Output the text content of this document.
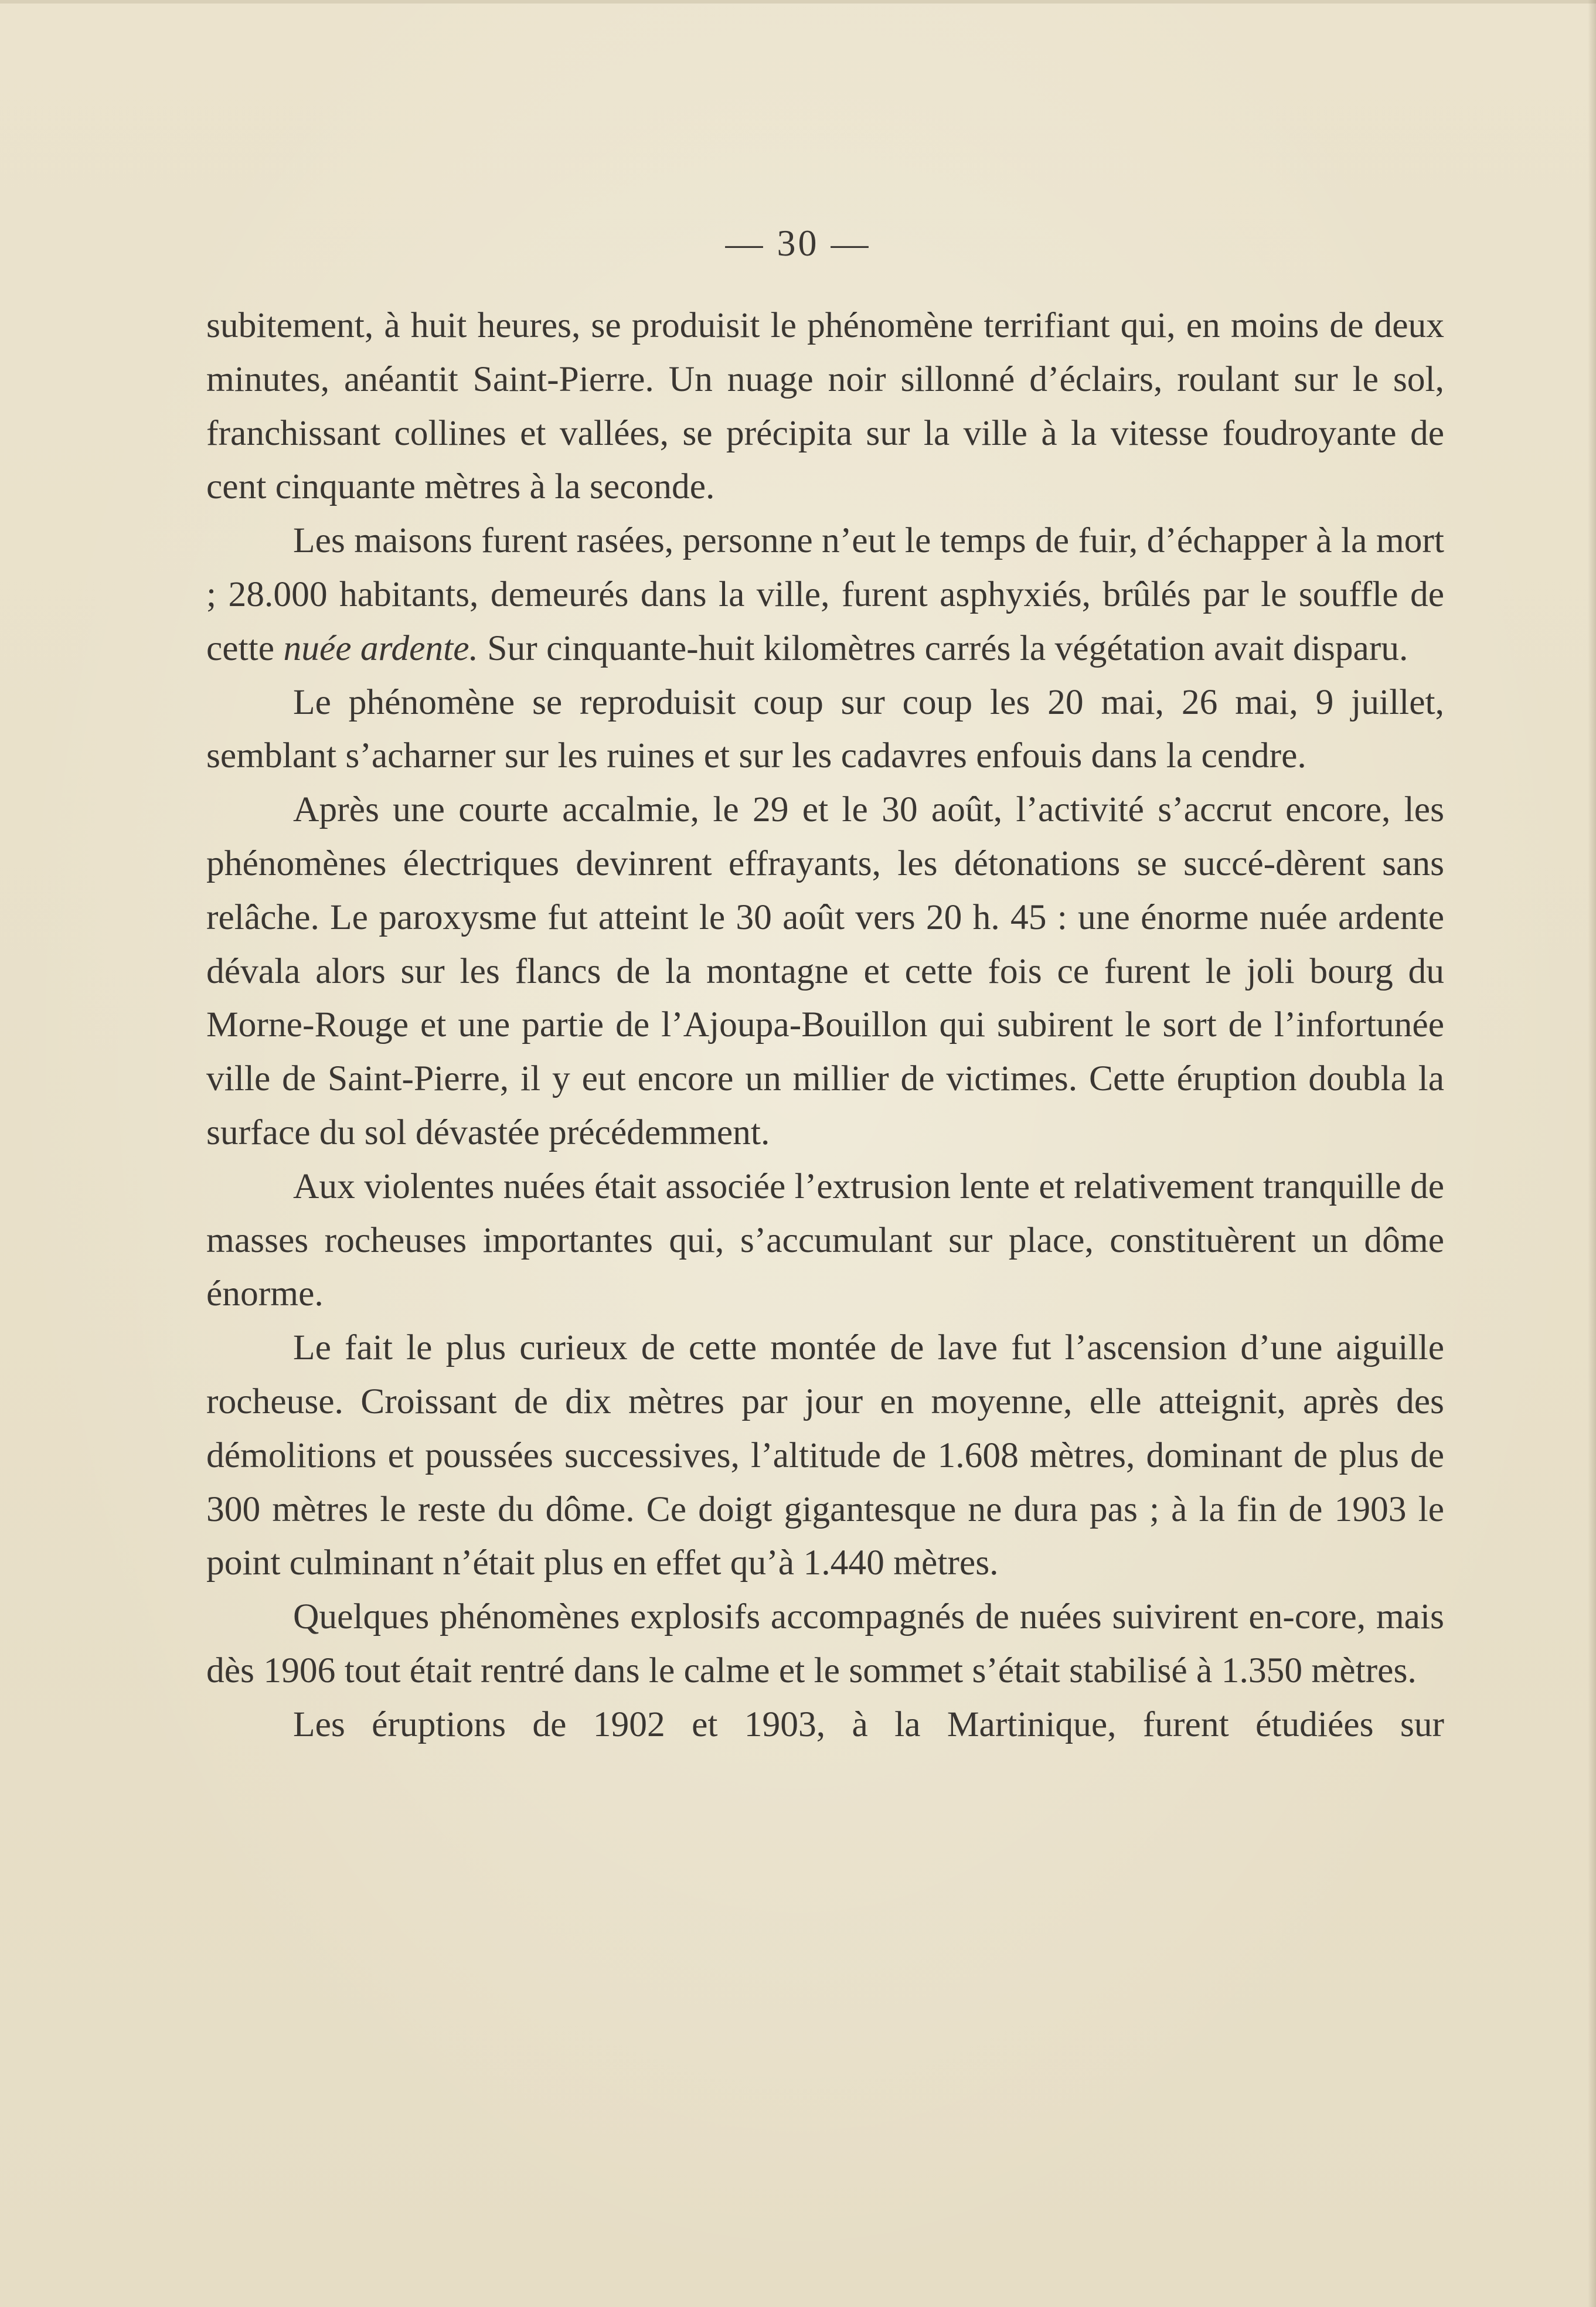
— 30 —

subitement, à huit heures, se produisit le phénomène terrifiant qui, en moins de deux minutes, anéantit Saint-Pierre. Un nuage noir sillonné d’éclairs, roulant sur le sol, franchissant collines et vallées, se précipita sur la ville à la vitesse foudroyante de cent cinquante mètres à la seconde.

Les maisons furent rasées, personne n’eut le temps de fuir, d’échapper à la mort ; 28.000 habitants, demeurés dans la ville, furent asphyxiés, brûlés par le souffle de cette nuée ardente. Sur cinquante-huit kilomètres carrés la végétation avait disparu.

Le phénomène se reproduisit coup sur coup les 20 mai, 26 mai, 9 juillet, semblant s’acharner sur les ruines et sur les cadavres enfouis dans la cendre.

Après une courte accalmie, le 29 et le 30 août, l’activité s’accrut encore, les phénomènes électriques devinrent effrayants, les détonations se succé-dèrent sans relâche. Le paroxysme fut atteint le 30 août vers 20 h. 45 : une énorme nuée ardente dévala alors sur les flancs de la montagne et cette fois ce furent le joli bourg du Morne-Rouge et une partie de l’Ajoupa-Bouillon qui subirent le sort de l’infortunée ville de Saint-Pierre, il y eut encore un millier de victimes. Cette éruption doubla la surface du sol dévastée précédemment.

Aux violentes nuées était associée l’extrusion lente et relativement tranquille de masses rocheuses importantes qui, s’accumulant sur place, constituèrent un dôme énorme.

Le fait le plus curieux de cette montée de lave fut l’ascension d’une aiguille rocheuse. Croissant de dix mètres par jour en moyenne, elle atteignit, après des démolitions et poussées successives, l’altitude de 1.608 mètres, dominant de plus de 300 mètres le reste du dôme. Ce doigt gigantesque ne dura pas ; à la fin de 1903 le point culminant n’était plus en effet qu’à 1.440 mètres.

Quelques phénomènes explosifs accompagnés de nuées suivirent en-core, mais dès 1906 tout était rentré dans le calme et le sommet s’était stabilisé à 1.350 mètres.

Les éruptions de 1902 et 1903, à la Martinique, furent étudiées sur
